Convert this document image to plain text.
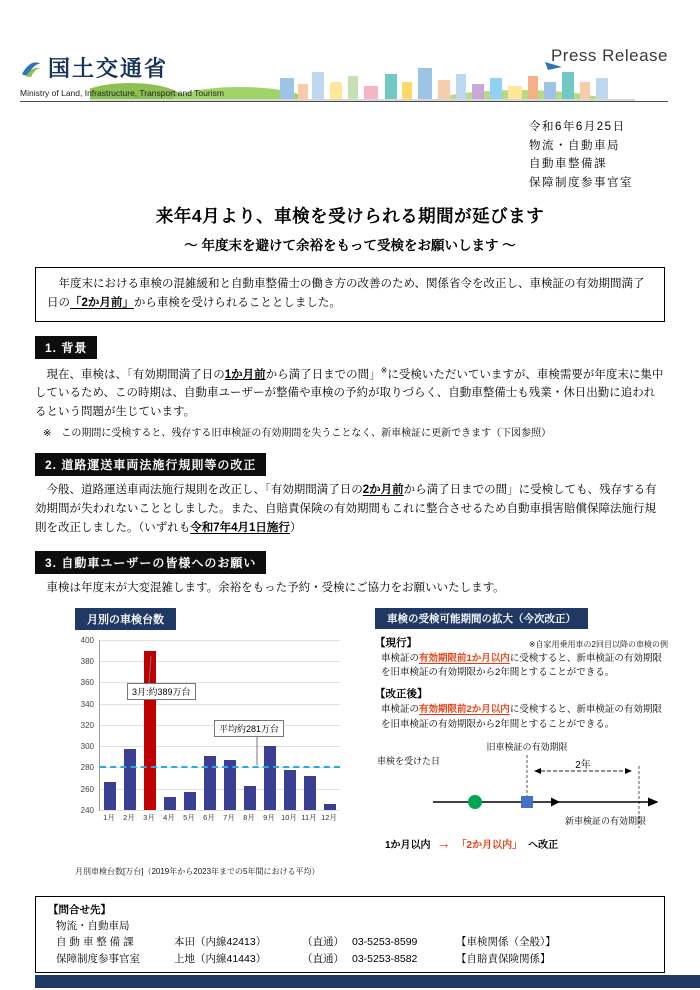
Press Release
国土交通省
Ministry of Land, Infrastructure, Transport and Tourism
令和6年6月25日
物流・自動車局
自動車整備課
保障制度参事官室
来年4月より、車検を受けられる期間が延びます
～ 年度末を避けて余裕をもって受検をお願いします ～
　年度末における車検の混雑緩和と自動車整備士の働き方の改善のため、関係省令を改正し、車検証の有効期間満了日の「2か月前」から車検を受けられることとしました。
1. 背景
　現在、車検は、「有効期間満了日の1か月前から満了日までの間」※に受検いただいていますが、車検需要が年度末に集中しているため、この時期は、自動車ユーザーが整備や車検の予約が取りづらく、自動車整備士も残業・休日出勤に追われるという問題が生じています。
※　この期間に受検すると、残存する旧車検証の有効期間を失うことなく、新車検証に更新できます（下図参照）
2. 道路運送車両法施行規則等の改正
　今般、道路運送車両法施行規則を改正し、「有効期間満了日の2か月前から満了日までの間」に受検しても、残存する有効期間が失われないこととしました。また、自賠責保険の有効期間もこれに整合させるため自動車損害賠償保障法施行規則を改正しました。（いずれも令和7年4月1日施行）
3. 自動車ユーザーの皆様へのお願い
　車検は年度末が大変混雑します。余裕をもった予約・受検にご協力をお願いいたします。
月別の車検台数
400
380
360
340
320
300
280
260
240
3月:約389万台
平均約281万台
1月	2月	3月	4月	5月	6月	7月	8月	9月 10月 11月 12月
月別車検台数[万台]（2019年から2023年までの5年間における平均）
車検の受検可能期間の拡大（今次改正）
【現行】	※自家用乗用車の2回目以降の車検の例
車検証の有効期限前1か月以内に受検すると、新車検証の有効期限を旧車検証の有効期限から2年間とすることができる。
【改正後】
車検証の有効期限前2か月以内に受検すると、新車検証の有効期限を旧車検証の有効期限から2年間とすることができる。
旧車検証の有効期限
車検を受けた日	2年
新車検証の有効期限
1か月以内 → 「2か月以内」 へ改正
【問合せ先】
物流・自動車局
自 動 車 整 備 課	本田（内線42413）	（直通） 03-5253-8599	【車検関係（全般）】
保障制度参事官室	上地（内線41443）	（直通） 03-5253-8582	【自賠責保険関係】
